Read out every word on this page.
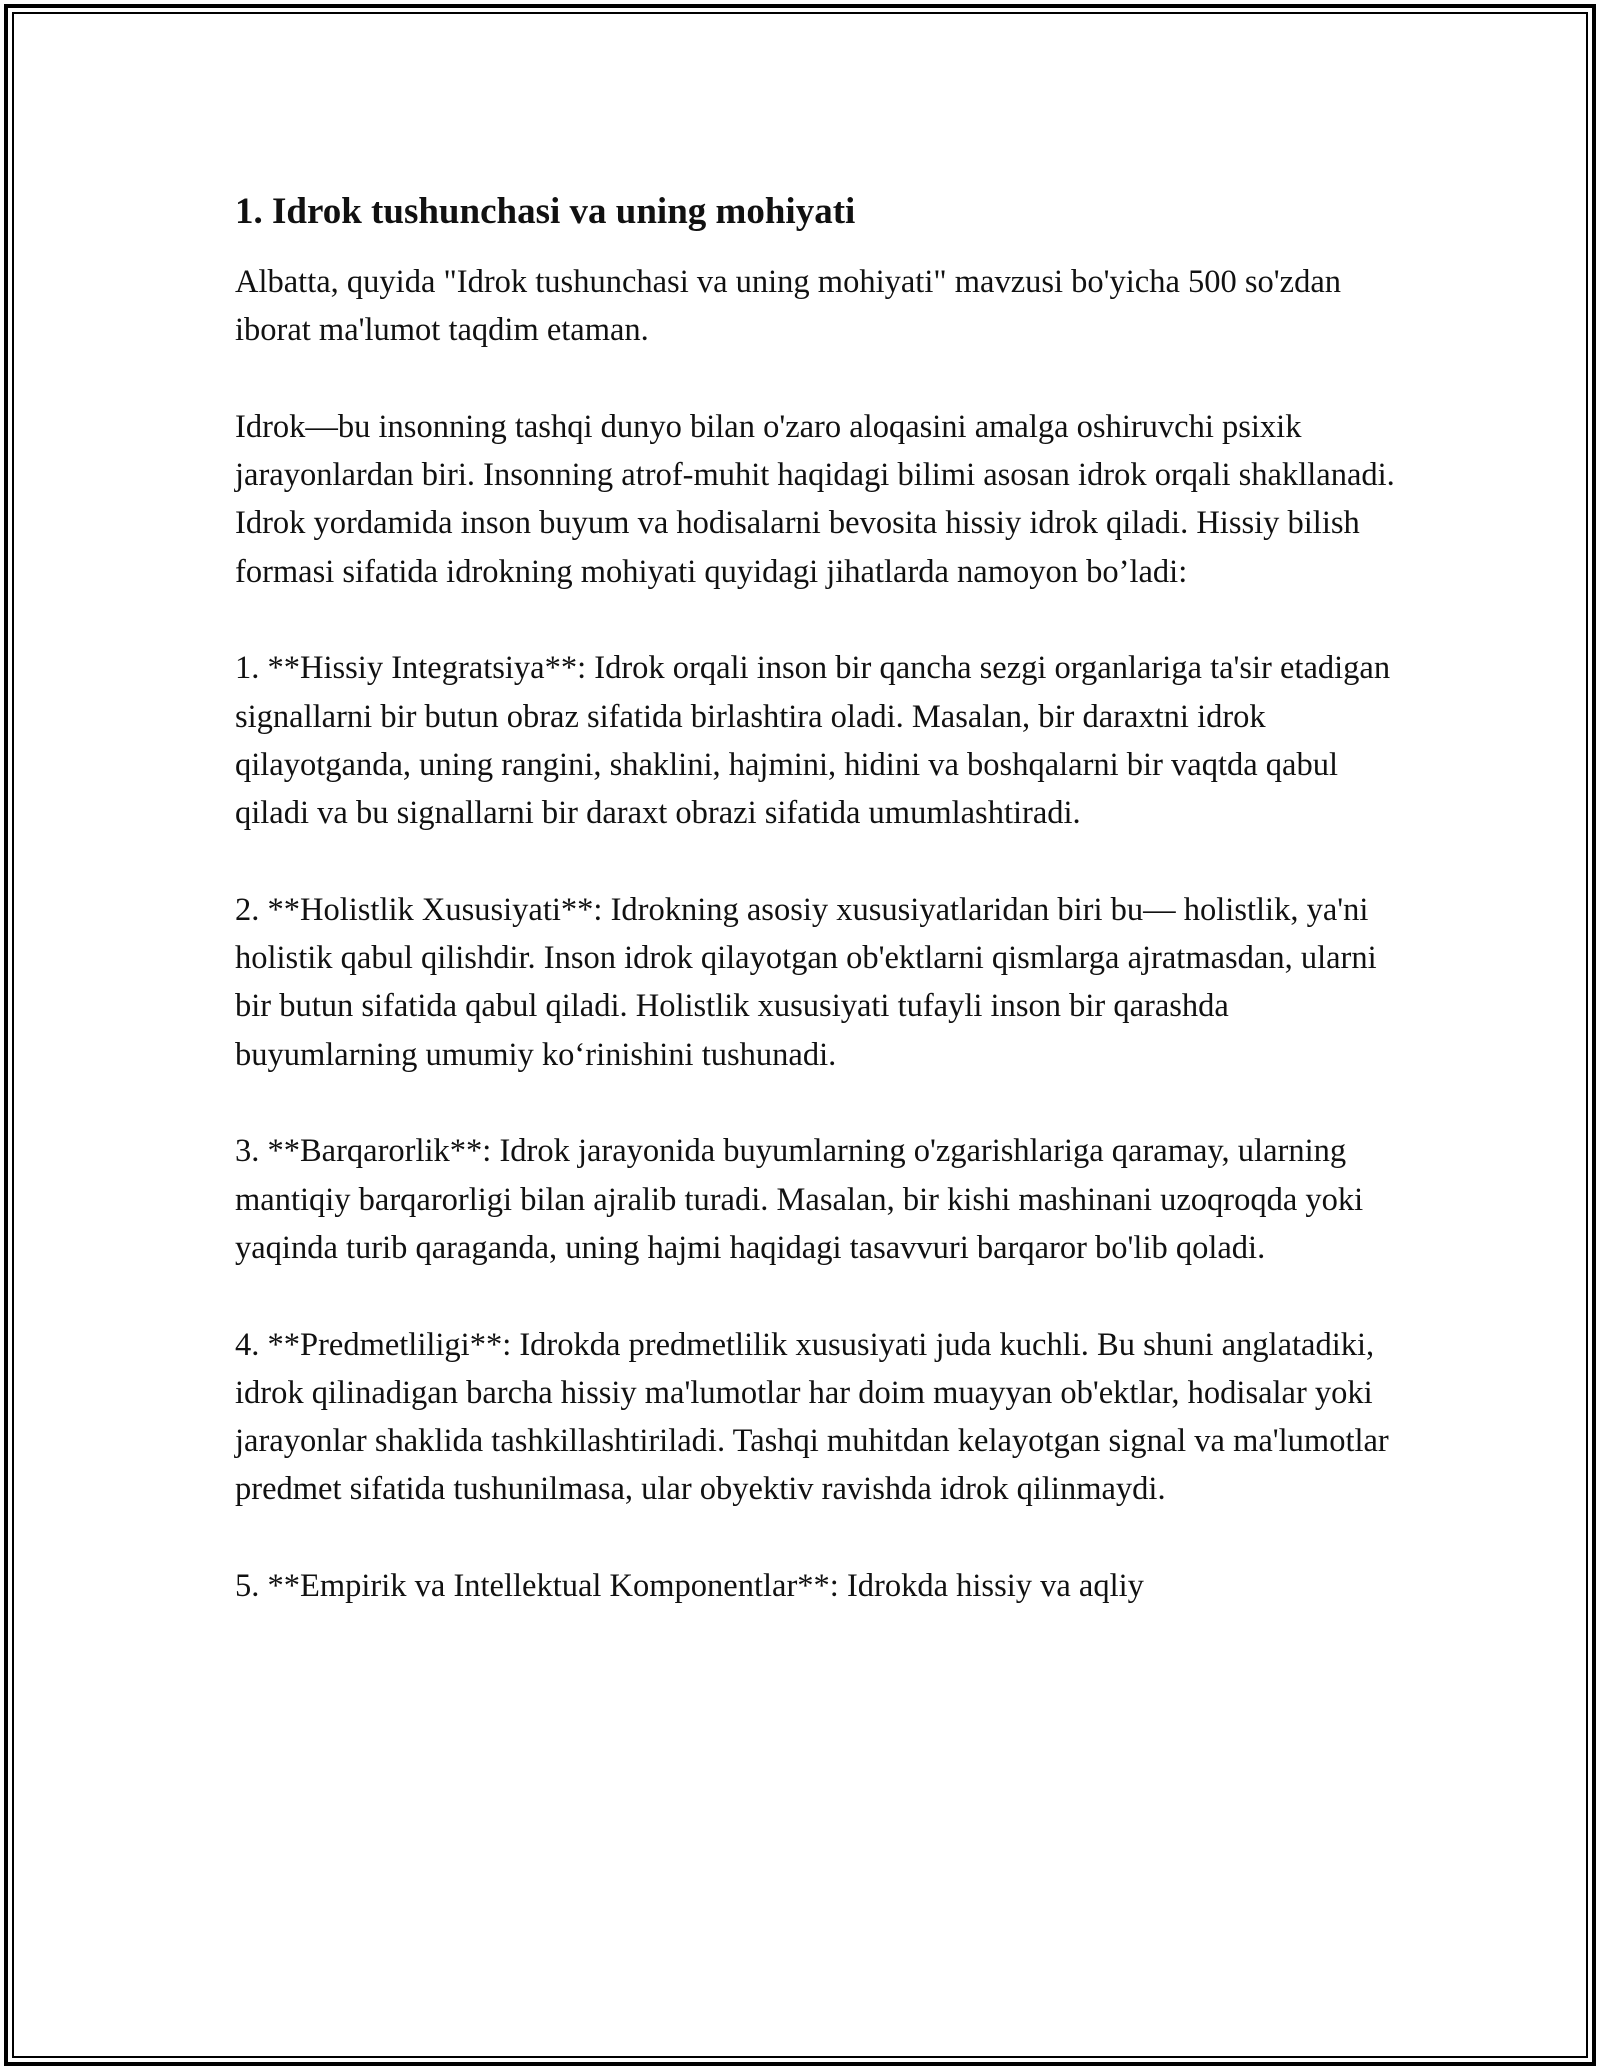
1. Idrok tushunchasi va uning mohiyati

Albatta, quyida "Idrok tushunchasi va uning mohiyati" mavzusi bo'yicha 500 so'zdan iborat ma'lumot taqdim etaman.

Idrok—bu insonning tashqi dunyo bilan o'zaro aloqasini amalga oshiruvchi psixik jarayonlardan biri. Insonning atrof-muhit haqidagi bilimi asosan idrok orqali shakllanadi. Idrok yordamida inson buyum va hodisalarni bevosita hissiy idrok qiladi. Hissiy bilish formasi sifatida idrokning mohiyati quyidagi jihatlarda namoyon bo’ladi:

1. **Hissiy Integratsiya**: Idrok orqali inson bir qancha sezgi organlariga ta'sir etadigan signallarni bir butun obraz sifatida birlashtira oladi. Masalan, bir daraxtni idrok qilayotganda, uning rangini, shaklini, hajmini, hidini va boshqalarni bir vaqtda qabul qiladi va bu signallarni bir daraxt obrazi sifatida umumlashtiradi.

2. **Holistlik Xususiyati**: Idrokning asosiy xususiyatlaridan biri bu— holistlik, ya'ni holistik qabul qilishdir. Inson idrok qilayotgan ob'ektlarni qismlarga ajratmasdan, ularni bir butun sifatida qabul qiladi. Holistlik xususiyati tufayli inson bir qarashda buyumlarning umumiy ko‘rinishini tushunadi.

3. **Barqarorlik**: Idrok jarayonida buyumlarning o'zgarishlariga qaramay, ularning mantiqiy barqarorligi bilan ajralib turadi. Masalan, bir kishi mashinani uzoqroqda yoki yaqinda turib qaraganda, uning hajmi haqidagi tasavvuri barqaror bo'lib qoladi.

4. **Predmetliligi**: Idrokda predmetlilik xususiyati juda kuchli. Bu shuni anglatadiki, idrok qilinadigan barcha hissiy ma'lumotlar har doim muayyan ob'ektlar, hodisalar yoki jarayonlar shaklida tashkillashtiriladi. Tashqi muhitdan kelayotgan signal va ma'lumotlar predmet sifatida tushunilmasa, ular obyektiv ravishda idrok qilinmaydi.

5. **Empirik va Intellektual Komponentlar**: Idrokda hissiy va aqliy
